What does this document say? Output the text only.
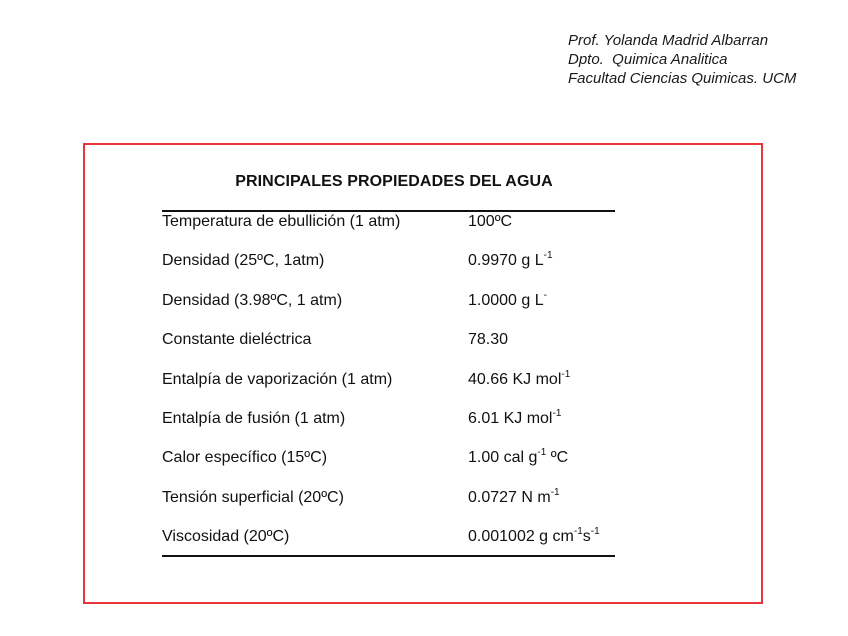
Prof. Yolanda Madrid Albarran
Dpto.  Quimica Analitica
Facultad Ciencias Quimicas. UCM
PRINCIPALES PROPIEDADES DEL AGUA
Temperatura de ebullición (1 atm)	100ºC
Densidad (25ºC, 1atm)	0.9970 g $L^{-1}$
Densidad (3.98ºC, 1 atm)	1.0000 g L-
Constante dieléctrica	78.30
Entalpía de vaporización (1 atm)	40.66 KJ mol$^{-1}$
Entalpía de fusión (1 atm)	6.01 KJ mol$^{-1}$
Calor específico (15ºC)	1.00 cal $g^{-1}$ ºC
Tensión superficial (20ºC)	0.0727 N $m^{-1}$
Viscosidad (20ºC)	0.001002 g $cm^{-1}s^{-1}$
